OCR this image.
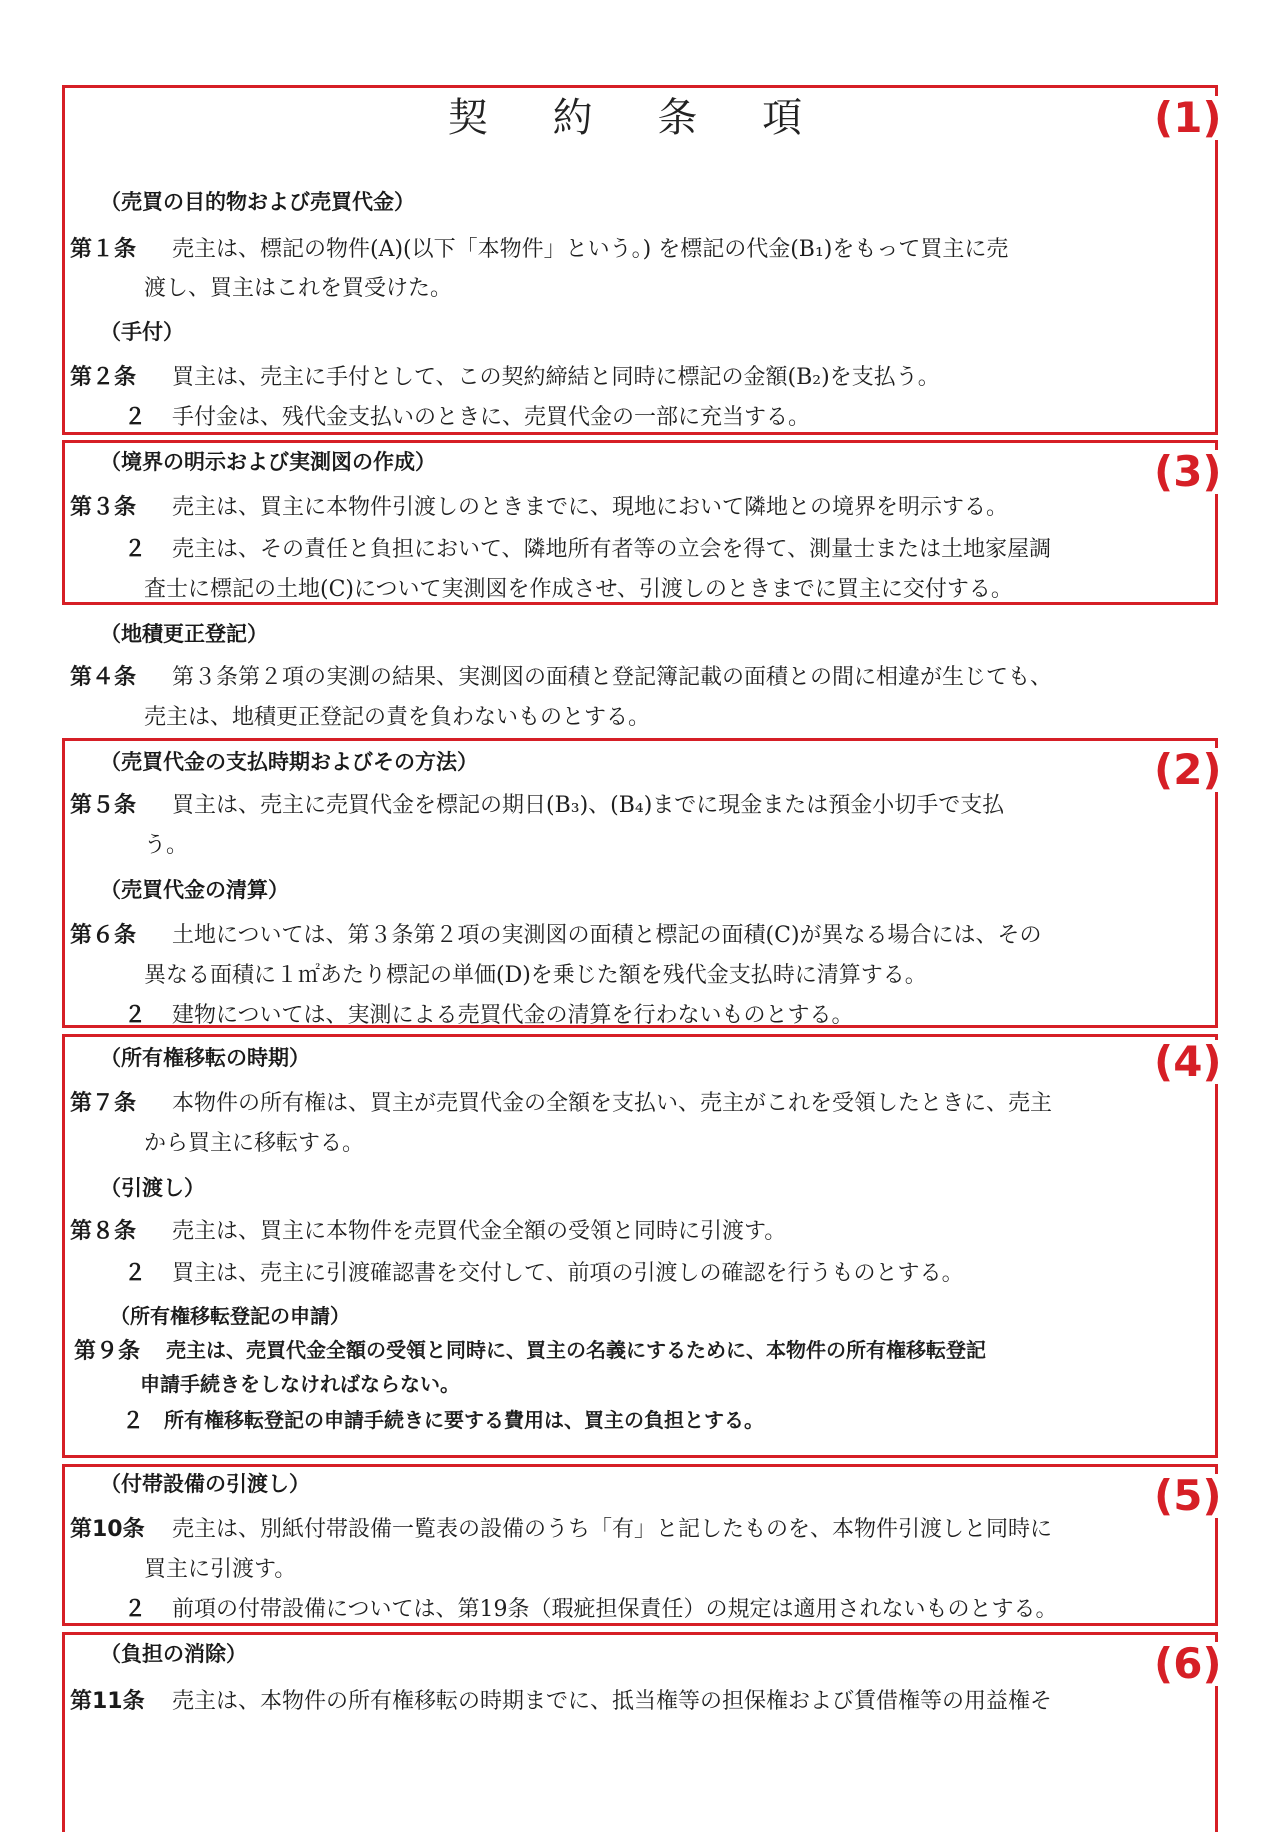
契 約 条 項	(1)
（売買の目的物および売買代金）
第１条 売主は、標記の物件(A)(以下「本物件」という。) を標記の代金(B₁)をもって買主に売
渡し、買主はこれを買受けた。
（手付）
第２条 買主は、売主に手付として、この契約締結と同時に標記の金額(B₂)を支払う。
２ 手付金は、残代金支払いのときに、売買代金の一部に充当する。
(3)
（境界の明示および実測図の作成）
第３条 売主は、買主に本物件引渡しのときまでに、現地において隣地との境界を明示する。
２ 売主は、その責任と負担において、隣地所有者等の立会を得て、測量士または土地家屋調
査士に標記の土地(C)について実測図を作成させ、引渡しのときまでに買主に交付する。
（地積更正登記）
第４条 第３条第２項の実測の結果、実測図の面積と登記簿記載の面積との間に相違が生じても、
売主は、地積更正登記の責を負わないものとする。
(2)
（売買代金の支払時期およびその方法）
第５条 買主は、売主に売買代金を標記の期日(B₃)、(B₄)までに現金または預金小切手で支払
う。
（売買代金の清算）
第６条 土地については、第３条第２項の実測図の面積と標記の面積(C)が異なる場合には、その
異なる面積に１㎡あたり標記の単価(D)を乗じた額を残代金支払時に清算する。
２ 建物については、実測による売買代金の清算を行わないものとする。
(4)
（所有権移転の時期）
第７条 本物件の所有権は、買主が売買代金の全額を支払い、売主がこれを受領したときに、売主
から買主に移転する。
（引渡し）
第８条 売主は、買主に本物件を売買代金全額の受領と同時に引渡す。
２ 買主は、売主に引渡確認書を交付して、前項の引渡しの確認を行うものとする。
（所有権移転登記の申請）
第９条 売主は、売買代金全額の受領と同時に、買主の名義にするために、本物件の所有権移転登記
申請手続きをしなければならない。
２ 所有権移転登記の申請手続きに要する費用は、買主の負担とする。
(5)
（付帯設備の引渡し）
第10条 売主は、別紙付帯設備一覧表の設備のうち「有」と記したものを、本物件引渡しと同時に
買主に引渡す。
２ 前項の付帯設備については、第19条（瑕疵担保責任）の規定は適用されないものとする。
(6)
（負担の消除）
第11条 売主は、本物件の所有権移転の時期までに、抵当権等の担保権および賃借権等の用益権そ
